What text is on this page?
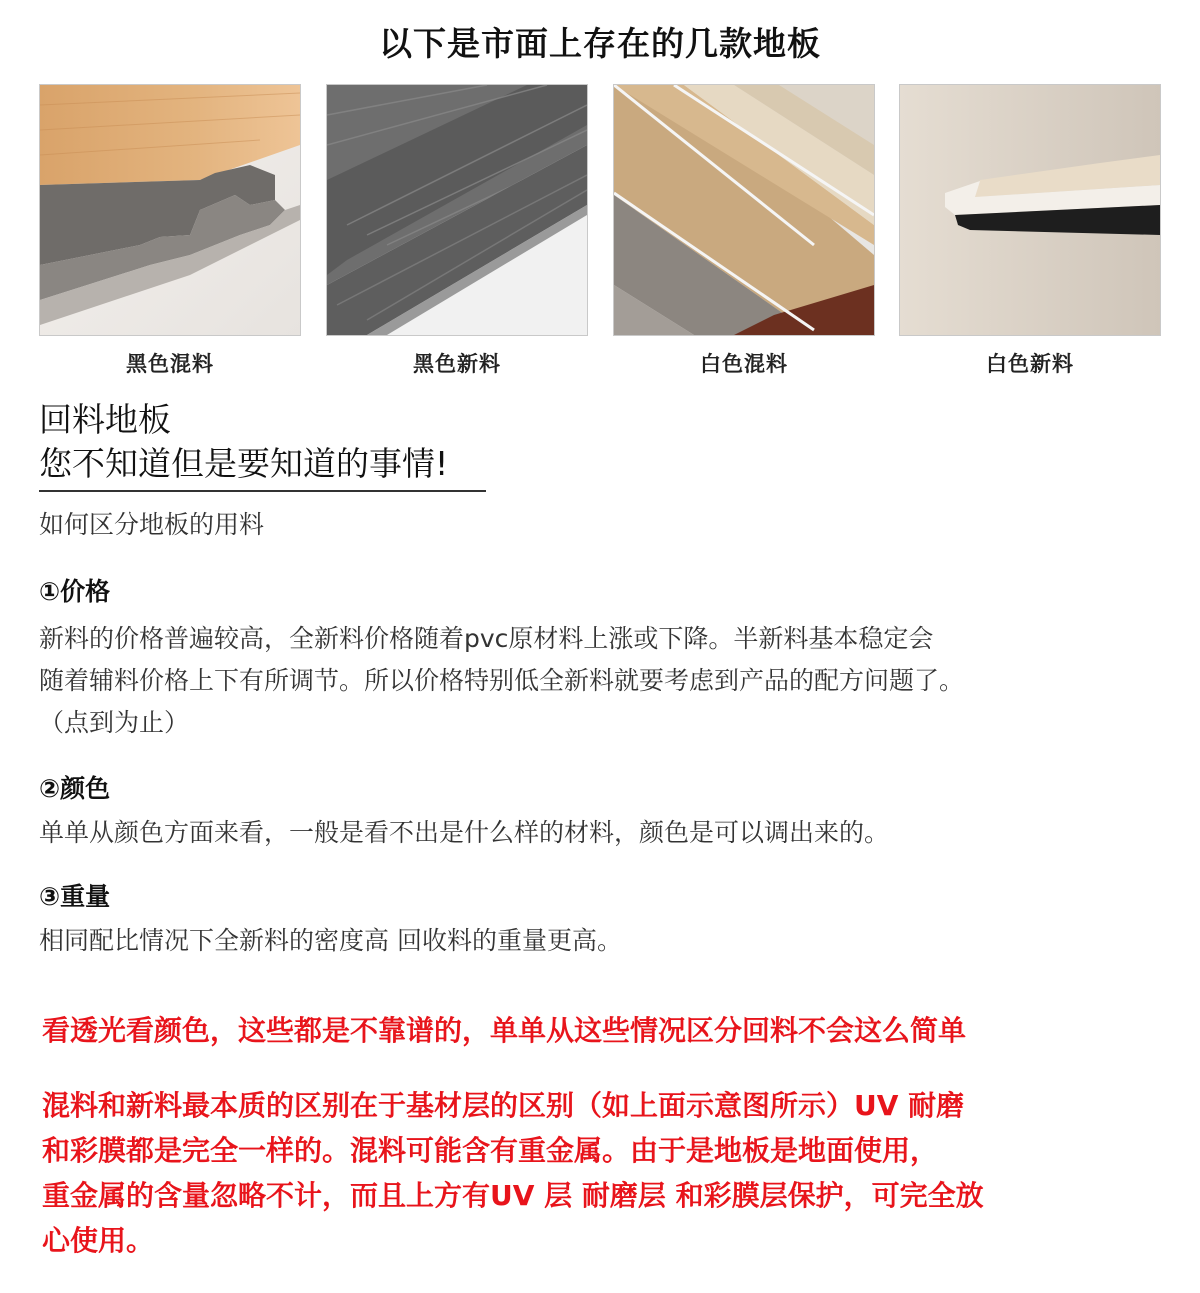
以下是市面上存在的几款地板
黑色混料	黑色新料	白色混料	白色新料
回料地板
您不知道但是要知道的事情!
如何区分地板的用料
①价格
新料的价格普遍较高，全新料价格随着pvc原材料上涨或下降。半新料基本稳定会
随着辅料价格上下有所调节。所以价格特别低全新料就要考虑到产品的配方问题了。
（点到为止）
②颜色
单单从颜色方面来看，一般是看不出是什么样的材料，颜色是可以调出来的。
③重量
相同配比情况下全新料的密度高 回收料的重量更高。
看透光看颜色，这些都是不靠谱的，单单从这些情况区分回料不会这么简单
混料和新料最本质的区别在于基材层的区别（如上面示意图所示）UV 耐磨
和彩膜都是完全一样的。混料可能含有重金属。由于是地板是地面使用，
重金属的含量忽略不计，而且上方有UV 层 耐磨层 和彩膜层保护，可完全放
心使用。
